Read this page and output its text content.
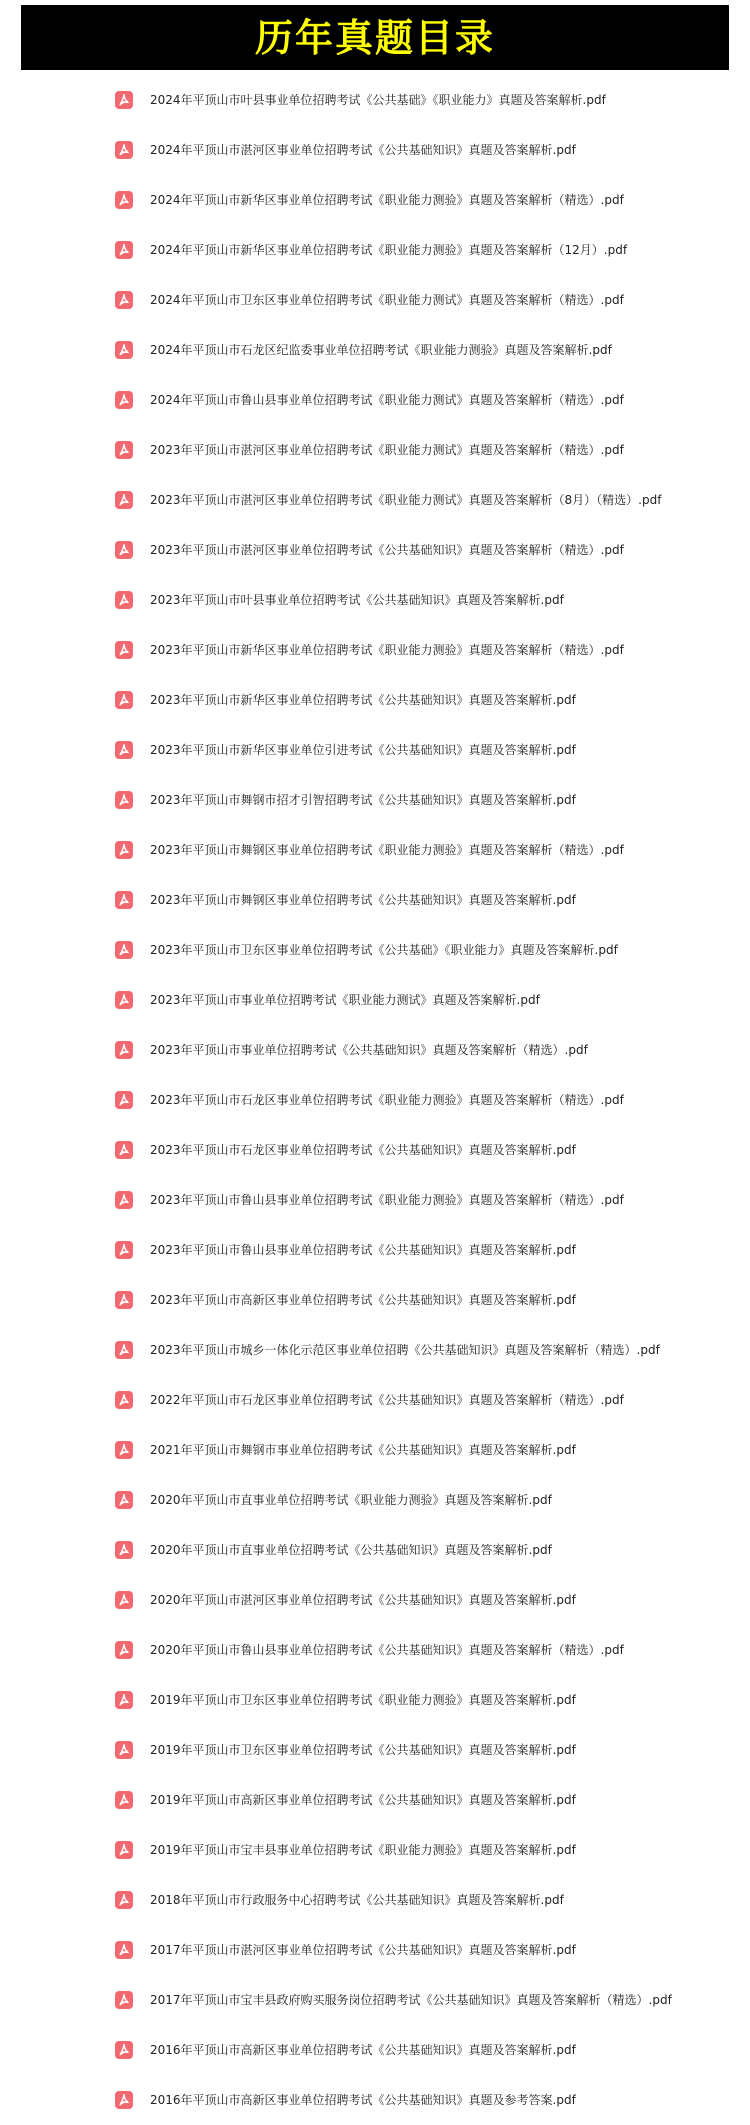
历年真题目录
2024年平顶山市叶县事业单位招聘考试《公共基础》《职业能力》真题及答案解析.pdf
2024年平顶山市湛河区事业单位招聘考试《公共基础知识》真题及答案解析.pdf
2024年平顶山市新华区事业单位招聘考试《职业能力测验》真题及答案解析（精选）.pdf
2024年平顶山市新华区事业单位招聘考试《职业能力测验》真题及答案解析（12月）.pdf
2024年平顶山市卫东区事业单位招聘考试《职业能力测试》真题及答案解析（精选）.pdf
2024年平顶山市石龙区纪监委事业单位招聘考试《职业能力测验》真题及答案解析.pdf
2024年平顶山市鲁山县事业单位招聘考试《职业能力测试》真题及答案解析（精选）.pdf
2023年平顶山市湛河区事业单位招聘考试《职业能力测试》真题及答案解析（精选）.pdf
2023年平顶山市湛河区事业单位招聘考试《职业能力测试》真题及答案解析（8月）（精选）.pdf
2023年平顶山市湛河区事业单位招聘考试《公共基础知识》真题及答案解析（精选）.pdf
2023年平顶山市叶县事业单位招聘考试《公共基础知识》真题及答案解析.pdf
2023年平顶山市新华区事业单位招聘考试《职业能力测验》真题及答案解析（精选）.pdf
2023年平顶山市新华区事业单位招聘考试《公共基础知识》真题及答案解析.pdf
2023年平顶山市新华区事业单位引进考试《公共基础知识》真题及答案解析.pdf
2023年平顶山市舞钢市招才引智招聘考试《公共基础知识》真题及答案解析.pdf
2023年平顶山市舞钢区事业单位招聘考试《职业能力测验》真题及答案解析（精选）.pdf
2023年平顶山市舞钢区事业单位招聘考试《公共基础知识》真题及答案解析.pdf
2023年平顶山市卫东区事业单位招聘考试《公共基础》《职业能力》真题及答案解析.pdf
2023年平顶山市事业单位招聘考试《职业能力测试》真题及答案解析.pdf
2023年平顶山市事业单位招聘考试《公共基础知识》真题及答案解析（精选）.pdf
2023年平顶山市石龙区事业单位招聘考试《职业能力测验》真题及答案解析（精选）.pdf
2023年平顶山市石龙区事业单位招聘考试《公共基础知识》真题及答案解析.pdf
2023年平顶山市鲁山县事业单位招聘考试《职业能力测验》真题及答案解析（精选）.pdf
2023年平顶山市鲁山县事业单位招聘考试《公共基础知识》真题及答案解析.pdf
2023年平顶山市高新区事业单位招聘考试《公共基础知识》真题及答案解析.pdf
2023年平顶山市城乡一体化示范区事业单位招聘《公共基础知识》真题及答案解析（精选）.pdf
2022年平顶山市石龙区事业单位招聘考试《公共基础知识》真题及答案解析（精选）.pdf
2021年平顶山市舞钢市事业单位招聘考试《公共基础知识》真题及答案解析.pdf
2020年平顶山市直事业单位招聘考试《职业能力测验》真题及答案解析.pdf
2020年平顶山市直事业单位招聘考试《公共基础知识》真题及答案解析.pdf
2020年平顶山市湛河区事业单位招聘考试《公共基础知识》真题及答案解析.pdf
2020年平顶山市鲁山县事业单位招聘考试《公共基础知识》真题及答案解析（精选）.pdf
2019年平顶山市卫东区事业单位招聘考试《职业能力测验》真题及答案解析.pdf
2019年平顶山市卫东区事业单位招聘考试《公共基础知识》真题及答案解析.pdf
2019年平顶山市高新区事业单位招聘考试《公共基础知识》真题及答案解析.pdf
2019年平顶山市宝丰县事业单位招聘考试《职业能力测验》真题及答案解析.pdf
2018年平顶山市行政服务中心招聘考试《公共基础知识》真题及答案解析.pdf
2017年平顶山市湛河区事业单位招聘考试《公共基础知识》真题及答案解析.pdf
2017年平顶山市宝丰县政府购买服务岗位招聘考试《公共基础知识》真题及答案解析（精选）.pdf
2016年平顶山市高新区事业单位招聘考试《公共基础知识》真题及答案解析.pdf
2016年平顶山市高新区事业单位招聘考试《公共基础知识》真题及参考答案.pdf
